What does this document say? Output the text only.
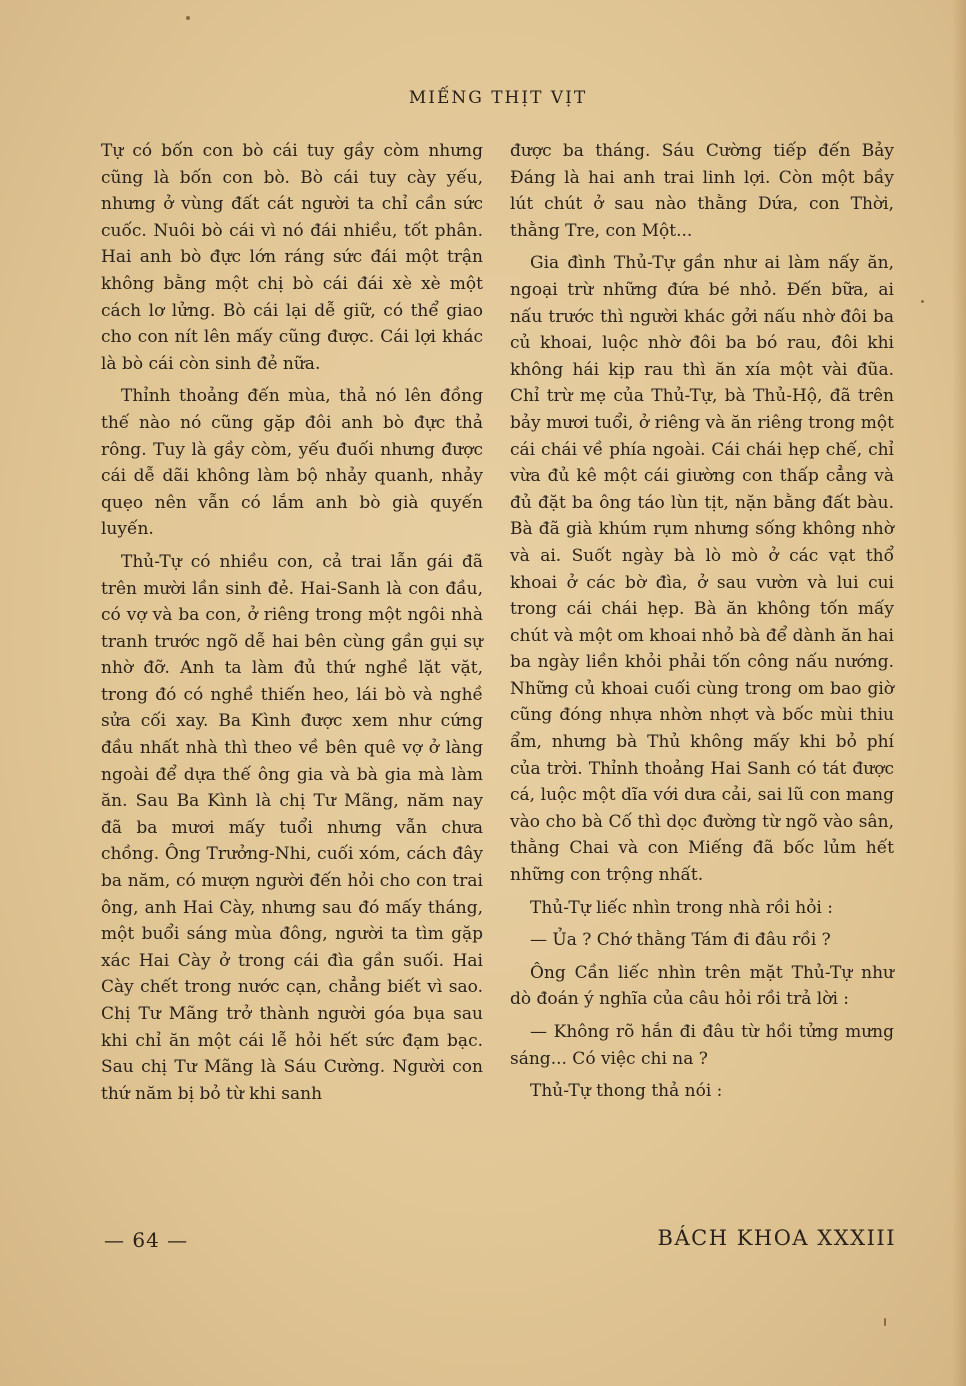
MIẾNG THỊT VỊT

Tự có bốn con bò cái tuy gầy còm nhưng cũng là bốn con bò. Bò cái tuy cày yếu, nhưng ở vùng đất cát người ta chỉ cần sức cuốc. Nuôi bò cái vì nó đái nhiều, tốt phân. Hai anh bò đực lớn ráng sức đái một trận không bằng một chị bò cái đái xè xè một cách lơ lửng. Bò cái lại dễ giữ, có thể giao cho con nít lên mấy cũng được. Cái lợi khác là bò cái còn sinh đẻ nữa.

Thỉnh thoảng đến mùa, thả nó lên đồng thế nào nó cũng gặp đôi anh bò đực thả rông. Tuy là gầy còm, yếu đuối nhưng được cái dễ dãi không làm bộ nhảy quanh, nhảy quẹo nên vẫn có lắm anh bò già quyến luyến.

Thủ-Tự có nhiều con, cả trai lẫn gái đã trên mười lần sinh đẻ. Hai-Sanh là con đầu, có vợ và ba con, ở riêng trong một ngôi nhà tranh trước ngõ dễ hai bên cùng gần gụi sự nhờ đỡ. Anh ta làm đủ thứ nghề lặt vặt, trong đó có nghề thiến heo, lái bò và nghề sửa cối xay. Ba Kình được xem như cứng đầu nhất nhà thì theo về bên quê vợ ở làng ngoài để dựa thế ông gia và bà gia mà làm ăn. Sau Ba Kình là chị Tư Mãng, năm nay đã ba mươi mấy tuổi nhưng vẫn chưa chồng. Ông Trưởng-Nhi, cuối xóm, cách đây ba năm, có mượn người đến hỏi cho con trai ông, anh Hai Cày, nhưng sau đó mấy tháng, một buổi sáng mùa đông, người ta tìm gặp xác Hai Cày ở trong cái đìa gần suối. Hai Cày chết trong nước cạn, chẳng biết vì sao. Chị Tư Mãng trở thành người góa bụa sau khi chỉ ăn một cái lễ hỏi hết sức đạm bạc. Sau chị Tư Mãng là Sáu Cường. Người con thứ năm bị bỏ từ khi sanh

được ba tháng. Sáu Cường tiếp đến Bảy Đáng là hai anh trai linh lợi. Còn một bầy lút chút ở sau nào thằng Dứa, con Thời, thằng Tre, con Một...

Gia đình Thủ-Tự gần như ai làm nấy ăn, ngoại trừ những đứa bé nhỏ. Đến bữa, ai nấu trước thì người khác gởi nấu nhờ đôi ba củ khoai, luộc nhờ đôi ba bó rau, đôi khi không hái kịp rau thì ăn xía một vài đũa. Chỉ trừ mẹ của Thủ-Tự, bà Thủ-Hộ, đã trên bảy mươi tuổi, ở riêng và ăn riêng trong một cái chái về phía ngoài. Cái chái hẹp chế, chỉ vừa đủ kê một cái giường con thấp cẳng và đủ đặt ba ông táo lùn tịt, nặn bằng đất bàu. Bà đã già khúm rụm nhưng sống không nhờ và ai. Suốt ngày bà lò mò ở các vạt thổ khoai ở các bờ đìa, ở sau vườn và lui cui trong cái chái hẹp. Bà ăn không tốn mấy chút và một om khoai nhỏ bà để dành ăn hai ba ngày liền khỏi phải tốn công nấu nướng. Những củ khoai cuối cùng trong om bao giờ cũng đóng nhựa nhờn nhợt và bốc mùi thiu ẩm, nhưng bà Thủ không mấy khi bỏ phí của trời. Thỉnh thoảng Hai Sanh có tát được cá, luộc một dĩa với dưa cải, sai lũ con mang vào cho bà Cố thì dọc đường từ ngõ vào sân, thằng Chai và con Miếng đã bốc lủm hết những con trộng nhất.

Thủ-Tự liếc nhìn trong nhà rồi hỏi :

— Ủa ? Chớ thằng Tám đi đâu rồi ?

Ông Cần liếc nhìn trên mặt Thủ-Tự như dò đoán ý nghĩa của câu hỏi rồi trả lời :

— Không rõ hắn đi đâu từ hồi tửng mưng sáng... Có việc chi na ?

Thủ-Tự thong thả nói :

— 64 —	BÁCH KHOA XXXIII
